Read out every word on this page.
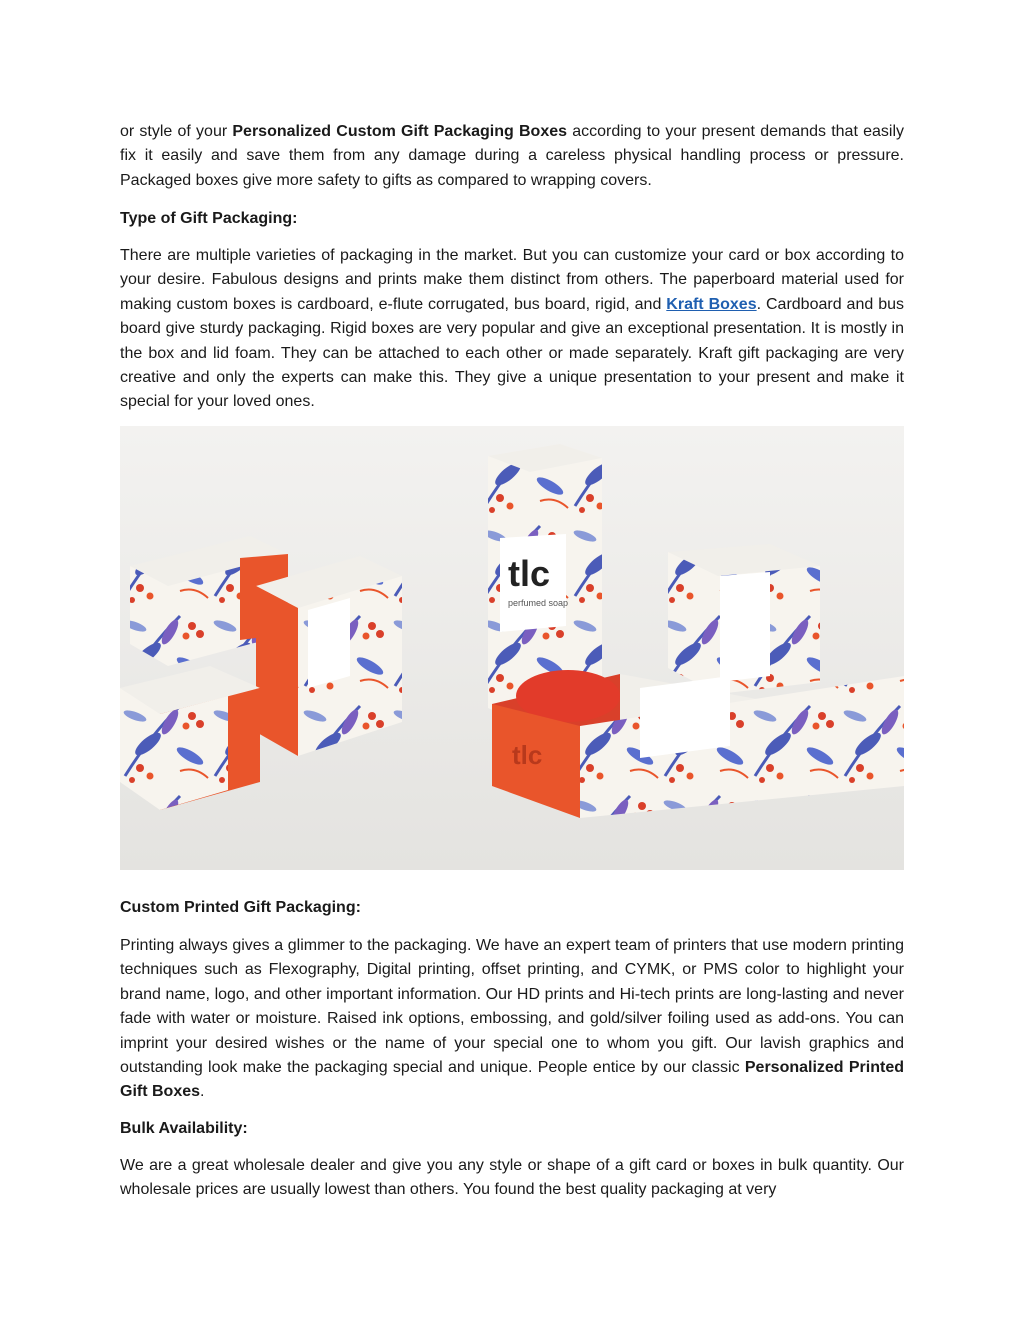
or style of your Personalized Custom Gift Packaging Boxes according to your present demands that easily fix it easily and save them from any damage during a careless physical handling process or pressure. Packaged boxes give more safety to gifts as compared to wrapping covers.

Type of Gift Packaging:

There are multiple varieties of packaging in the market. But you can customize your card or box according to your desire. Fabulous designs and prints make them distinct from others. The paperboard material used for making custom boxes is cardboard, e-flute corrugated, bus board, rigid, and Kraft Boxes. Cardboard and bus board give sturdy packaging. Rigid boxes are very popular and give an exceptional presentation. It is mostly in the box and lid foam. They can be attached to each other or made separately. Kraft gift packaging are very creative and only the experts can make this. They give a unique presentation to your present and make it special for your loved ones.

tlc
perfumed soap
tlc
Custom Printed Gift Packaging:

Printing always gives a glimmer to the packaging. We have an expert team of printers that use modern printing techniques such as Flexography, Digital printing, offset printing, and CYMK, or PMS color to highlight your brand name, logo, and other important information. Our HD prints and Hi-tech prints are long-lasting and never fade with water or moisture. Raised ink options, embossing, and gold/silver foiling used as add-ons. You can imprint your desired wishes or the name of your special one to whom you gift. Our lavish graphics and outstanding look make the packaging special and unique. People entice by our classic Personalized Printed Gift Boxes.

Bulk Availability:

We are a great wholesale dealer and give you any style or shape of a gift card or boxes in bulk quantity. Our wholesale prices are usually lowest than others. You found the best quality packaging at very
